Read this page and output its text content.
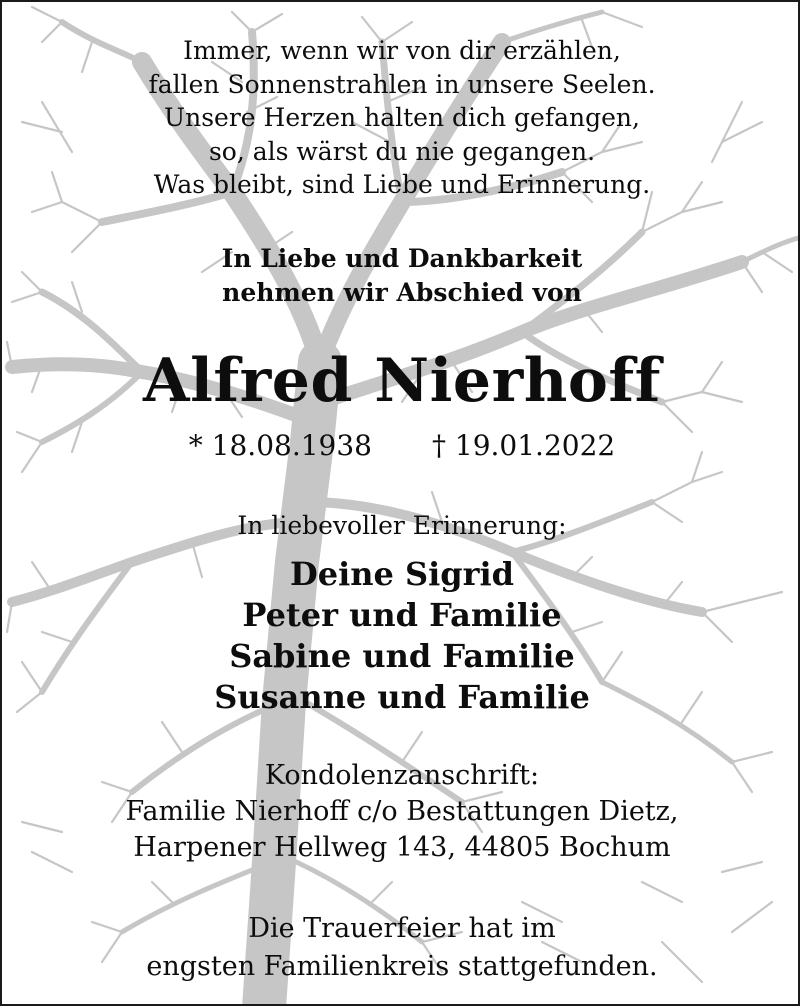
Immer, wenn wir von dir erzählen,
fallen Sonnenstrahlen in unsere Seelen.
Unsere Herzen halten dich gefangen,
so, als wärst du nie gegangen.
Was bleibt, sind Liebe und Erinnerung.
In Liebe und Dankbarkeit
nehmen wir Abschied von
Alfred Nierhoff
* 18.08.1938 † 19.01.2022
In liebevoller Erinnerung:
Deine Sigrid
Peter und Familie
Sabine und Familie
Susanne und Familie
Kondolenzanschrift:
Familie Nierhoff c/o Bestattungen Dietz,
Harpener Hellweg 143, 44805 Bochum
Die Trauerfeier hat im
engsten Familienkreis stattgefunden.
